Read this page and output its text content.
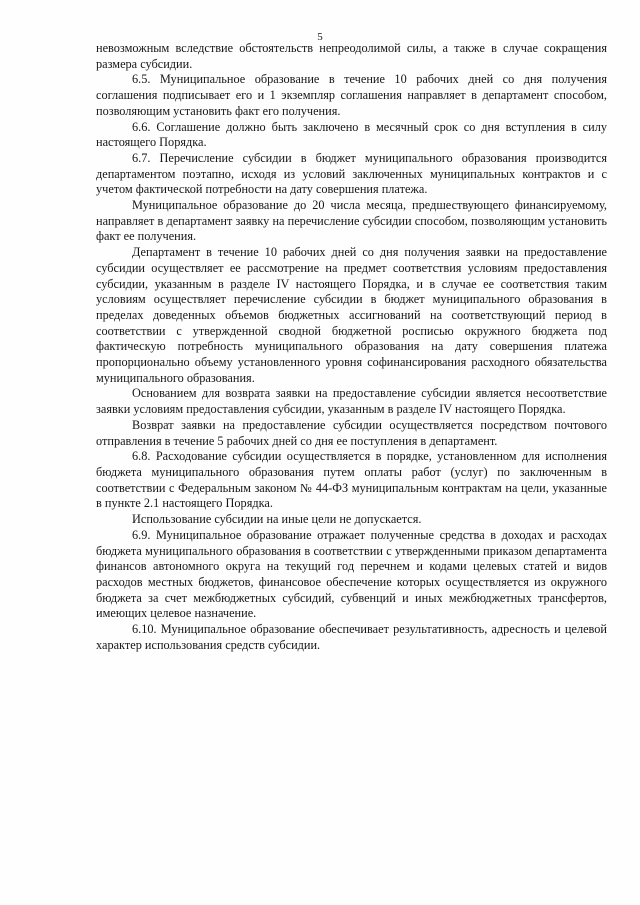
5

невозможным вследствие обстоятельств непреодолимой силы, а также в случае сокращения размера субсидии.

6.5. Муниципальное образование в течение 10 рабочих дней со дня получения соглашения подписывает его и 1 экземпляр соглашения направляет в департамент способом, позволяющим установить факт его получения.

6.6. Соглашение должно быть заключено в месячный срок со дня вступления в силу настоящего Порядка.

6.7. Перечисление субсидии в бюджет муниципального образования производится департаментом поэтапно, исходя из условий заключенных муниципальных контрактов и с учетом фактической потребности на дату совершения платежа.

Муниципальное образование до 20 числа месяца, предшествующего финансируемому, направляет в департамент заявку на перечисление субсидии способом, позволяющим установить факт ее получения.

Департамент в течение 10 рабочих дней со дня получения заявки на предоставление субсидии осуществляет ее рассмотрение на предмет соответствия условиям предоставления субсидии, указанным в разделе IV настоящего Порядка, и в случае ее соответствия таким условиям осуществляет перечисление субсидии в бюджет муниципального образования в пределах доведенных объемов бюджетных ассигнований на соответствующий период в соответствии с утвержденной сводной бюджетной росписью окружного бюджета под фактическую потребность муниципального образования на дату совершения платежа пропорционально объему установленного уровня софинансирования расходного обязательства муниципального образования.

Основанием для возврата заявки на предоставление субсидии является несоответствие заявки условиям предоставления субсидии, указанным в разделе IV настоящего Порядка.

Возврат заявки на предоставление субсидии осуществляется посредством почтового отправления в течение 5 рабочих дней со дня ее поступления в департамент.

6.8. Расходование субсидии осуществляется в порядке, установленном для исполнения бюджета муниципального образования путем оплаты работ (услуг) по заключенным в соответствии с Федеральным законом № 44-ФЗ муниципальным контрактам на цели, указанные в пункте 2.1 настоящего Порядка.

Использование субсидии на иные цели не допускается.

6.9. Муниципальное образование отражает полученные средства в доходах и расходах бюджета муниципального образования в соответствии с утвержденными приказом департамента финансов автономного округа на текущий год перечнем и кодами целевых статей и видов расходов местных бюджетов, финансовое обеспечение которых осуществляется из окружного бюджета за счет межбюджетных субсидий, субвенций и иных межбюджетных трансфертов, имеющих целевое назначение.

6.10. Муниципальное образование обеспечивает результативность, адресность и целевой характер использования средств субсидии.
